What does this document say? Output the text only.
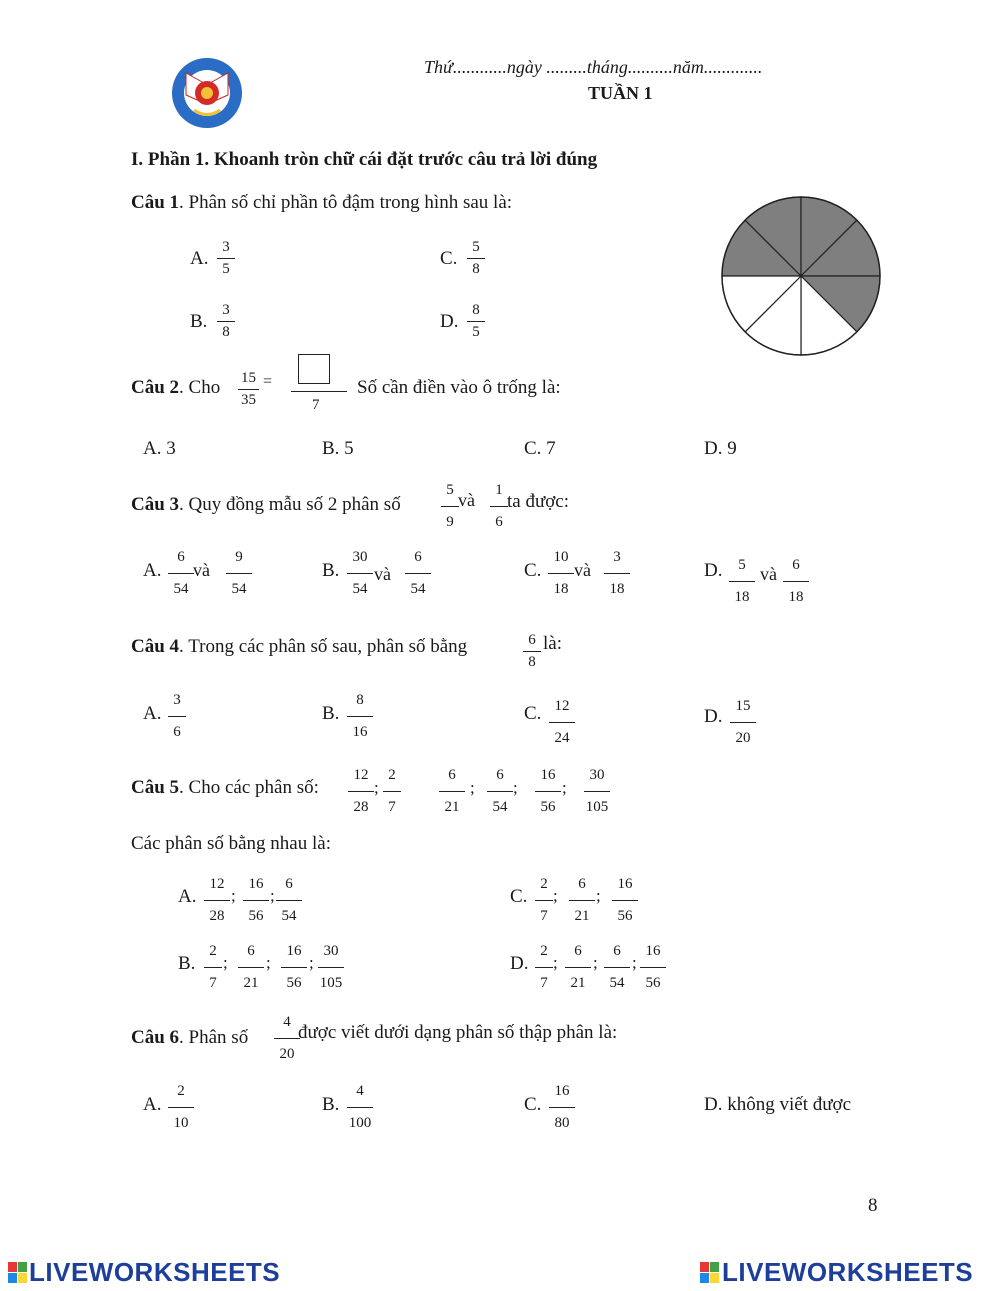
Thứ............ngày .........tháng..........năm.............
TUẦN 1
I. Phần 1. Khoanh tròn chữ cái đặt trước câu trả lời đúng
Câu 1. Phân số chỉ phần tô đậm trong hình sau là:
A. $\frac{3}{5}$	C. $\frac{5}{8}$
B. $\frac{3}{8}$	D. $\frac{8}{5}$
Câu 2. Cho $\frac{15}{35}$ =
7
Số cần điền vào ô trống là:
A. 3	B. 5	C. 7	D. 9
Câu 3. Quy đồng mẫu số 2 phân số	$\frac{5}{9}$ và $\frac{1}{6}$ ta được:
A. $\frac{6}{54}$ và $\frac{9}{54}$	B. $\frac{30}{54}$ và $\frac{6}{54}$	C. $\frac{10}{18}$ và $\frac{3}{18}$	D. $\frac{5}{18}$ và $\frac{6}{18}$
Câu 4. Trong các phân số sau, phân số bằng	$\frac{6}{8}$ là:
A. $\frac{3}{6}$	B. $\frac{8}{16}$	C. $\frac{12}{24}$	D. $\frac{15}{20}$
Câu 5. Cho các phân số: $\frac{12}{28}$ ; $\frac{2}{7}$	$\frac{6}{21}$ ; $\frac{6}{54}$ ; $\frac{16}{56}$ ; $\frac{30}{105}$
Các phân số bằng nhau là:
A. $\frac{12}{28}$ ; $\frac{16}{56}$ ; $\frac{6}{54}$	C. $\frac{2}{7}$ ; $\frac{6}{21}$ ; $\frac{16}{56}$
B. $\frac{2}{7}$ ; $\frac{6}{21}$ ; $\frac{16}{56}$ ; $\frac{30}{105}$	D. $\frac{2}{7}$ ; $\frac{6}{21}$ ; $\frac{6}{54}$ ; $\frac{16}{56}$
Câu 6. Phân số $\frac{4}{20}$
được viết dưới dạng phân số thập phân là:
A. $\frac{2}{10}$	B. $\frac{4}{100}$	C. $\frac{16}{80}$	D. không viết được
8
LIVEWORKSHEETS	LIVEWORKSHEETS
